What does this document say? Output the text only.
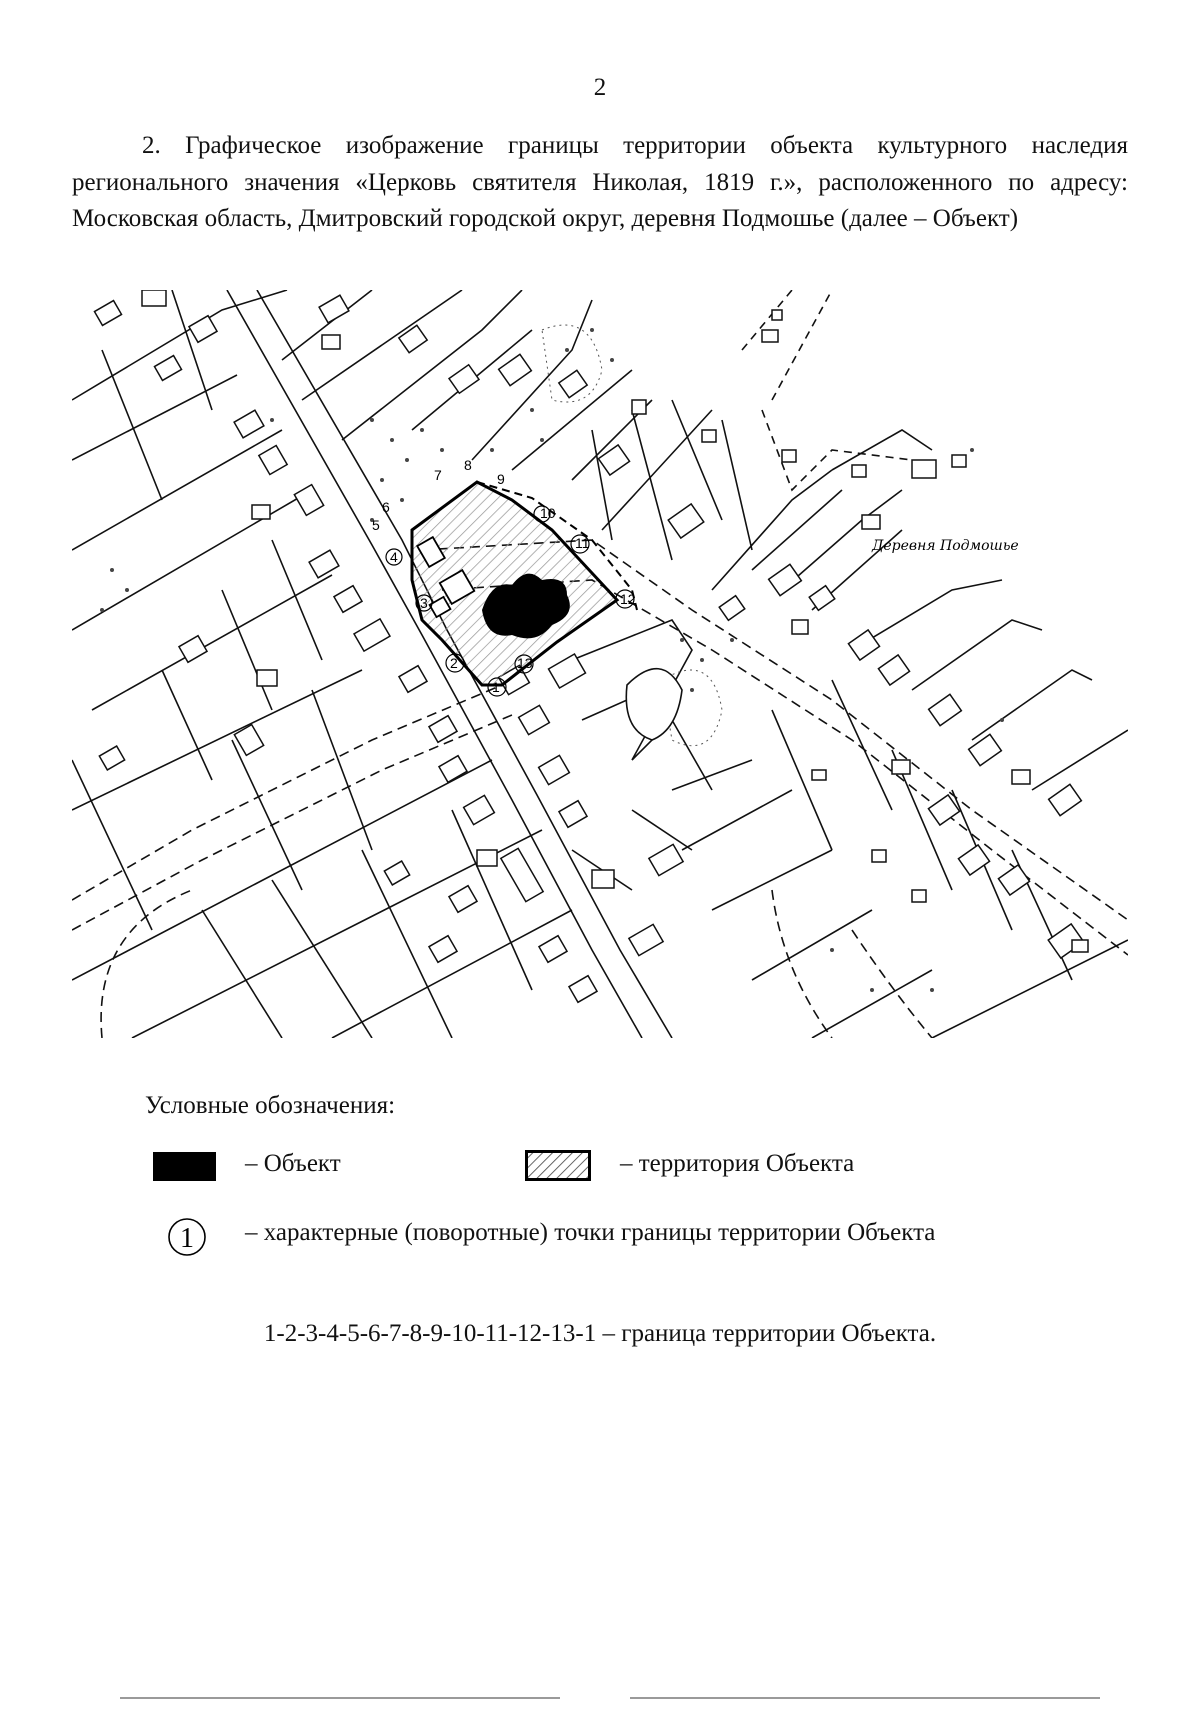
2

2. Графическое изображение границы территории объекта культурного наследия регионального значения «Церковь святителя Николая, 1819 г.», расположенного по адресу: Московская область, Дмитровский городской округ, деревня Подмошье (далее – Объект)

1
2
3
4
5
6
7
8
9
10
11
12
13
Деревня Подмошье
Условные обозначения:
– Объект	– территория Объекта
1 – характерные (поворотные) точки границы территории Объекта
1-2-3-4-5-6-7-8-9-10-11-12-13-1 – граница территории Объекта.
